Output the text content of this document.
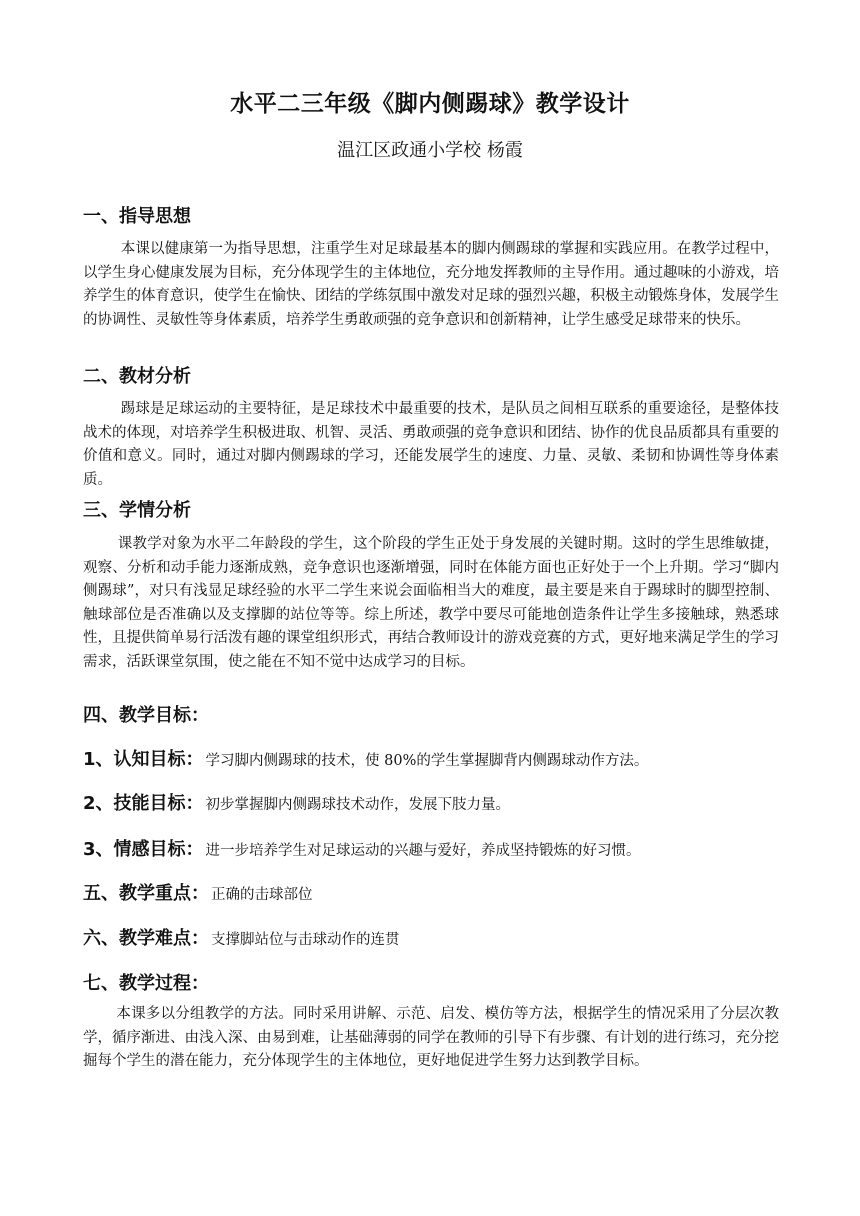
水平二三年级《脚内侧踢球》教学设计
温江区政通小学校 杨霞
一、指导思想
本课以健康第一为指导思想，注重学生对足球最基本的脚内侧踢球的掌握和实践应用。在教学过程中，以学生身心健康发展为目标，充分体现学生的主体地位，充分地发挥教师的主导作用。通过趣味的小游戏，培养学生的体育意识，使学生在愉快、团结的学练氛围中激发对足球的强烈兴趣，积极主动锻炼身体，发展学生的协调性、灵敏性等身体素质，培养学生勇敢顽强的竞争意识和创新精神，让学生感受足球带来的快乐。
二、教材分析
踢球是足球运动的主要特征，是足球技术中最重要的技术，是队员之间相互联系的重要途径，是整体技战术的体现，对培养学生积极进取、机智、灵活、勇敢顽强的竞争意识和团结、协作的优良品质都具有重要的价值和意义。同时，通过对脚内侧踢球的学习，还能发展学生的速度、力量、灵敏、柔韧和协调性等身体素质。
三、学情分析
课教学对象为水平二年龄段的学生，这个阶段的学生正处于身发展的关键时期。这时的学生思维敏捷，观察、分析和动手能力逐渐成熟，竞争意识也逐渐增强，同时在体能方面也正好处于一个上升期。学习“脚内侧踢球”，对只有浅显足球经验的水平二学生来说会面临相当大的难度，最主要是来自于踢球时的脚型控制、触球部位是否准确以及支撑脚的站位等等。综上所述，教学中要尽可能地创造条件让学生多接触球，熟悉球性，且提供简单易行活泼有趣的课堂组织形式，再结合教师设计的游戏竞赛的方式，更好地来满足学生的学习需求，活跃课堂氛围，使之能在不知不觉中达成学习的目标。
四、教学目标：
1、认知目标： 学习脚内侧踢球的技术，使 80%的学生掌握脚背内侧踢球动作方法。
2、技能目标： 初步掌握脚内侧踢球技术动作，发展下肢力量。
3、情感目标： 进一步培养学生对足球运动的兴趣与爱好，养成坚持锻炼的好习惯。
五、教学重点： 正确的击球部位
六、教学难点： 支撑脚站位与击球动作的连贯
七、教学过程：
本课多以分组教学的方法。同时采用讲解、示范、启发、模仿等方法，根据学生的情况采用了分层次教学，循序渐进、由浅入深、由易到难，让基础薄弱的同学在教师的引导下有步骤、有计划的进行练习，充分挖掘每个学生的潜在能力，充分体现学生的主体地位，更好地促进学生努力达到教学目标。
